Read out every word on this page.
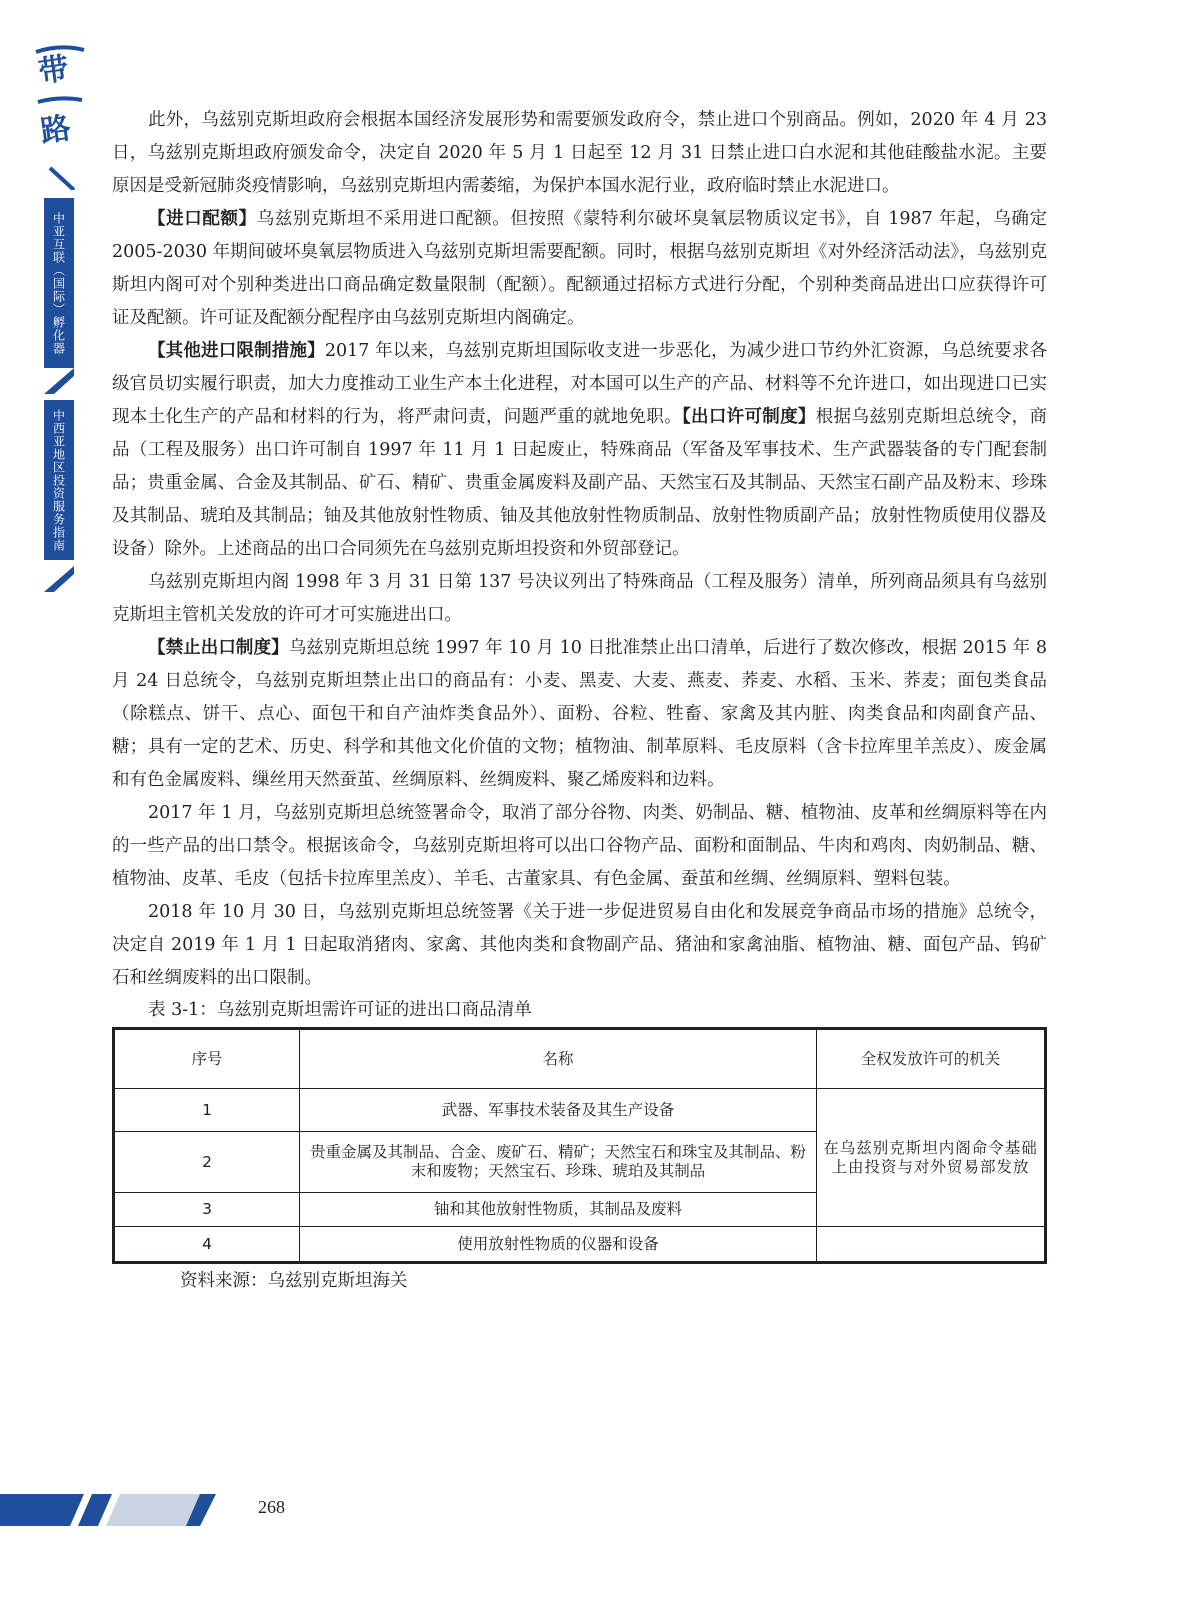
带
路
中亚互联（国际）孵化器
中西亚地区投资服务指南

此外，乌兹别克斯坦政府会根据本国经济发展形势和需要颁发政府令，禁止进口个别商品。例如，2020 年 4 月 23 日，乌兹别克斯坦政府颁发命令，决定自 2020 年 5 月 1 日起至 12 月 31 日禁止进口白水泥和其他硅酸盐水泥。主要原因是受新冠肺炎疫情影响，乌兹别克斯坦内需萎缩，为保护本国水泥行业，政府临时禁止水泥进口。

【进口配额】乌兹别克斯坦不采用进口配额。但按照《蒙特利尔破坏臭氧层物质议定书》，自 1987 年起，乌确定 2005-2030 年期间破坏臭氧层物质进入乌兹别克斯坦需要配额。同时，根据乌兹别克斯坦《对外经济活动法》，乌兹别克斯坦内阁可对个别种类进出口商品确定数量限制（配额）。配额通过招标方式进行分配，个别种类商品进出口应获得许可证及配额。许可证及配额分配程序由乌兹别克斯坦内阁确定。

【其他进口限制措施】2017 年以来，乌兹别克斯坦国际收支进一步恶化，为减少进口节约外汇资源，乌总统要求各级官员切实履行职责，加大力度推动工业生产本土化进程，对本国可以生产的产品、材料等不允许进口，如出现进口已实现本土化生产的产品和材料的行为，将严肃问责，问题严重的就地免职。【出口许可制度】根据乌兹别克斯坦总统令，商品（工程及服务）出口许可制自 1997 年 11 月 1 日起废止，特殊商品（军备及军事技术、生产武器装备的专门配套制品；贵重金属、合金及其制品、矿石、精矿、贵重金属废料及副产品、天然宝石及其制品、天然宝石副产品及粉末、珍珠及其制品、琥珀及其制品；铀及其他放射性物质、铀及其他放射性物质制品、放射性物质副产品；放射性物质使用仪器及设备）除外。上述商品的出口合同须先在乌兹别克斯坦投资和外贸部登记。

乌兹别克斯坦内阁 1998 年 3 月 31 日第 137 号决议列出了特殊商品（工程及服务）清单，所列商品须具有乌兹别克斯坦主管机关发放的许可才可实施进出口。

【禁止出口制度】乌兹别克斯坦总统 1997 年 10 月 10 日批准禁止出口清单，后进行了数次修改，根据 2015 年 8 月 24 日总统令，乌兹别克斯坦禁止出口的商品有：小麦、黑麦、大麦、燕麦、荞麦、水稻、玉米、荞麦；面包类食品（除糕点、饼干、点心、面包干和自产油炸类食品外）、面粉、谷粒、牲畜、家禽及其内脏、肉类食品和肉副食产品、糖；具有一定的艺术、历史、科学和其他文化价值的文物；植物油、制革原料、毛皮原料（含卡拉库里羊羔皮）、废金属和有色金属废料、缫丝用天然蚕茧、丝绸原料、丝绸废料、聚乙烯废料和边料。

2017 年 1 月，乌兹别克斯坦总统签署命令，取消了部分谷物、肉类、奶制品、糖、植物油、皮革和丝绸原料等在内的一些产品的出口禁令。根据该命令，乌兹别克斯坦将可以出口谷物产品、面粉和面制品、牛肉和鸡肉、肉奶制品、糖、植物油、皮革、毛皮（包括卡拉库里羔皮）、羊毛、古董家具、有色金属、蚕茧和丝绸、丝绸原料、塑料包装。

2018 年 10 月 30 日，乌兹别克斯坦总统签署《关于进一步促进贸易自由化和发展竞争商品市场的措施》总统令，决定自 2019 年 1 月 1 日起取消猪肉、家禽、其他肉类和食物副产品、猪油和家禽油脂、植物油、糖、面包产品、钨矿石和丝绸废料的出口限制。

表 3-1：乌兹别克斯坦需许可证的进出口商品清单

序号	名称	全权发放许可的机关
1	武器、军事技术装备及其生产设备	在乌兹别克斯坦内阁命令基础上由投资与对外贸易部发放
2	贵重金属及其制品、合金、废矿石、精矿；天然宝石和珠宝及其制品、粉末和废物；天然宝石、珍珠、琥珀及其制品	
3	铀和其他放射性物质，其制品及废料	
4	使用放射性物质的仪器和设备	

资料来源：乌兹别克斯坦海关

268
